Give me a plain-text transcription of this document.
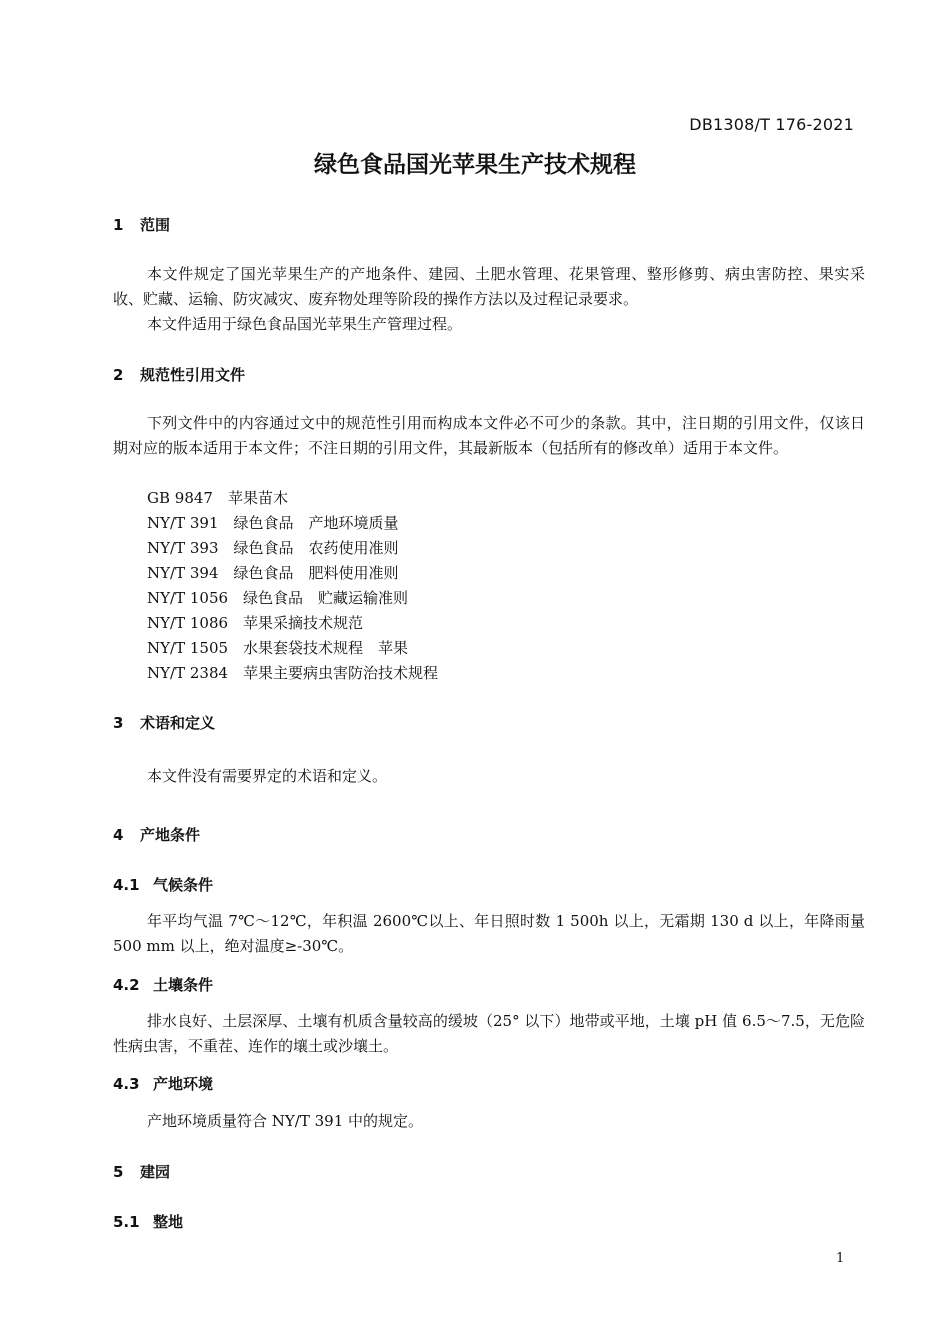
DB1308/T 176-2021
绿色食品国光苹果生产技术规程
1 范围
本文件规定了国光苹果生产的产地条件、建园、土肥水管理、花果管理、整形修剪、病虫害防控、果实采收、贮藏、运输、防灾减灾、废弃物处理等阶段的操作方法以及过程记录要求。
本文件适用于绿色食品国光苹果生产管理过程。
2 规范性引用文件
下列文件中的内容通过文中的规范性引用而构成本文件必不可少的条款。其中，注日期的引用文件，仅该日期对应的版本适用于本文件；不注日期的引用文件，其最新版本（包括所有的修改单）适用于本文件。
GB 9847　苹果苗木
NY/T 391　绿色食品　产地环境质量
NY/T 393　绿色食品　农药使用准则
NY/T 394　绿色食品　肥料使用准则
NY/T 1056　绿色食品　贮藏运输准则
NY/T 1086　苹果采摘技术规范
NY/T 1505　水果套袋技术规程　苹果
NY/T 2384　苹果主要病虫害防治技术规程
3 术语和定义
本文件没有需要界定的术语和定义。
4 产地条件
4.1 气候条件
年平均气温 7℃～12℃，年积温 2600℃以上、年日照时数 1 500h 以上，无霜期 130 d 以上，年降雨量 500 mm 以上，绝对温度≥-30℃。
4.2 土壤条件
排水良好、土层深厚、土壤有机质含量较高的缓坡（25° 以下）地带或平地，土壤 pH 值 6.5～7.5，无危险性病虫害，不重茬、连作的壤土或沙壤土。
4.3 产地环境
产地环境质量符合 NY/T 391 中的规定。
5 建园
5.1 整地
1
